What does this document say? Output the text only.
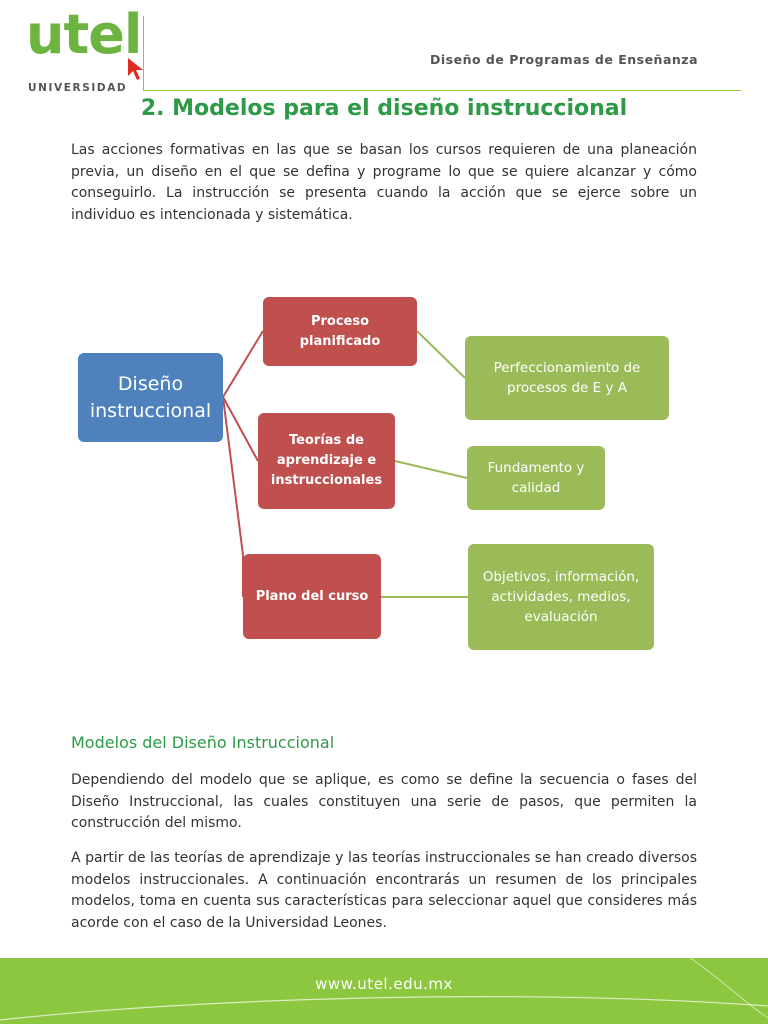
utel
UNIVERSIDAD
Diseño de Programas de Enseñanza
2. Modelos para el diseño instruccional

Las acciones formativas en las que se basan los cursos requieren de una planeación previa, un diseño en el que se defina y programe lo que se quiere alcanzar y cómo conseguirlo. La instrucción se presenta cuando la acción que se ejerce sobre un individuo es intencionada y sistemática.

Diseño instruccional
Proceso planificado
Teorías de aprendizaje e instruccionales
Plano del curso
Perfeccionamiento de procesos de E y A
Fundamento y calidad
Objetivos, información, actividades, medios, evaluación
Modelos del Diseño Instruccional

Dependiendo del modelo que se aplique, es como se define la secuencia o fases del Diseño Instruccional, las cuales constituyen una serie de pasos, que permiten la construcción del mismo.

A partir de las teorías de aprendizaje y las teorías instruccionales se han creado diversos modelos instruccionales. A continuación encontrarás un resumen de los principales modelos, toma en cuenta sus características para seleccionar aquel que consideres más acorde con el caso de la Universidad Leones.

www.utel.edu.mx
